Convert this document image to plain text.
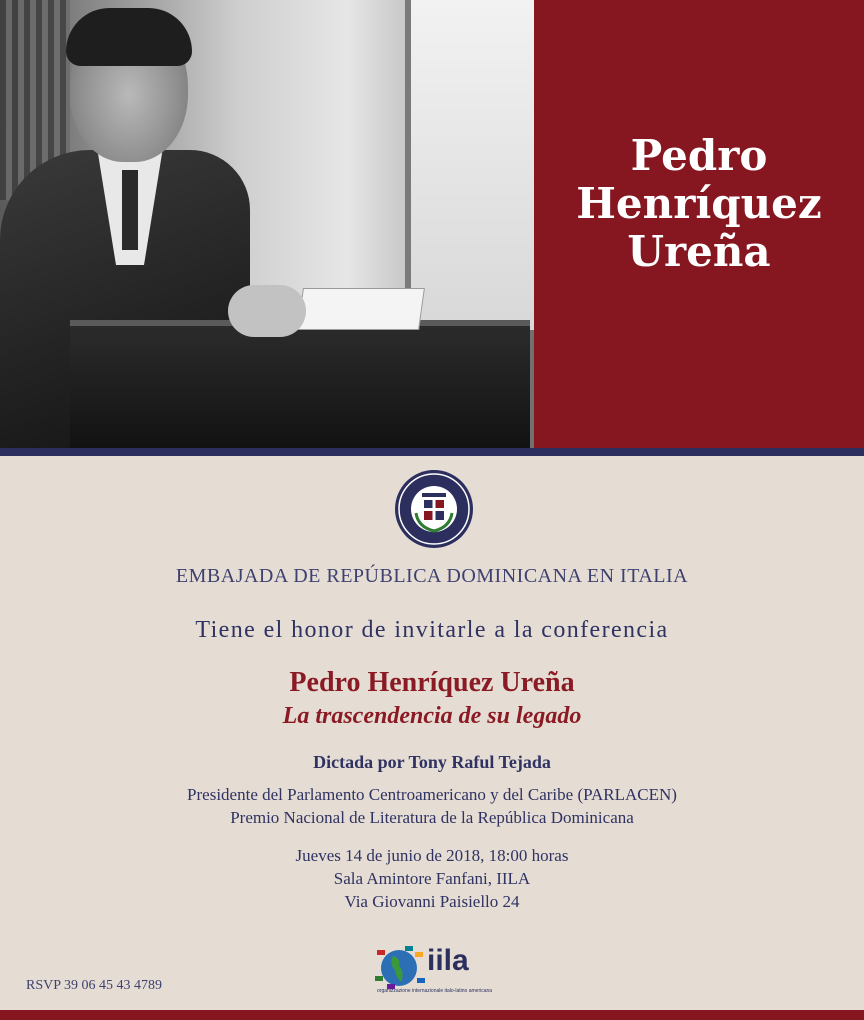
Pedro
Henríquez
Ureña
EMBAJADA DE REPÚBLICA DOMINICANA EN ITALIA
Tiene el honor de invitarle a la conferencia
Pedro Henríquez Ureña
La trascendencia de su legado
Dictada por Tony Raful Tejada
Presidente del Parlamento Centroamericano y del Caribe (PARLACEN)
Premio Nacional de Literatura de la República Dominicana
Jueves 14 de junio de 2018, 18:00 horas
Sala Amintore Fanfani, IILA
Via Giovanni Paisiello 24
RSVP 39 06 45 43 4789
iila
organizzazione internazionale italo-latino americana
